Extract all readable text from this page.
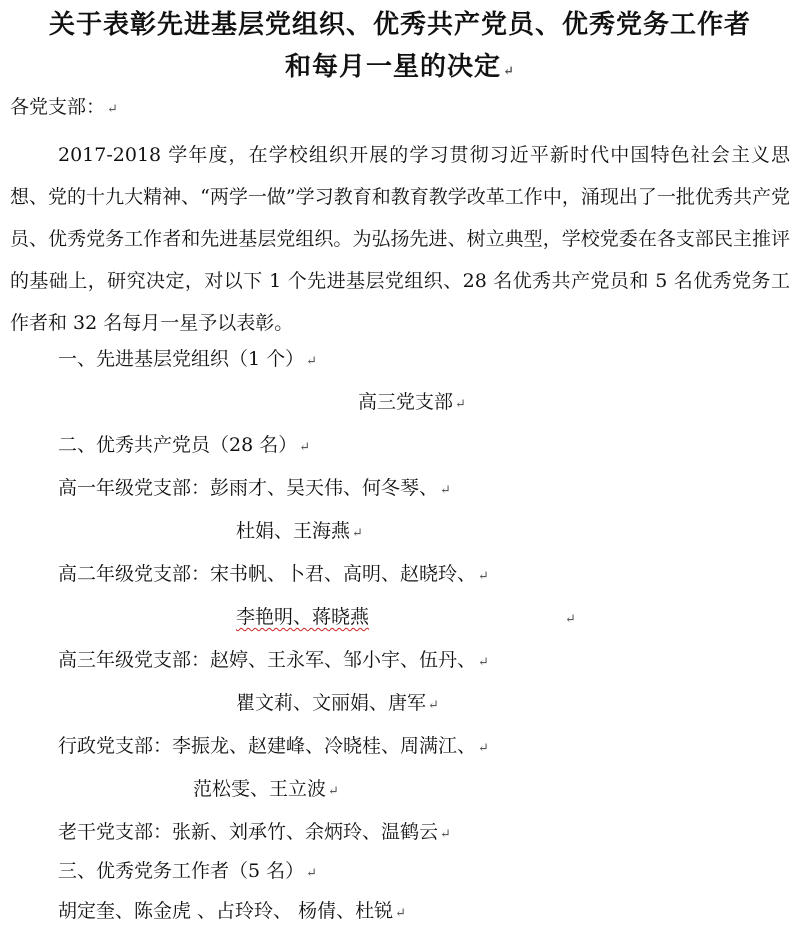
关于表彰先进基层党组织、优秀共产党员、优秀党务工作者
和每月一星的决定 ↵
各党支部： ↵
2017-2018 学年度，在学校组织开展的学习贯彻习近平新时代中国特色社会主义思想、党的十九大精神、“两学一做”学习教育和教育教学改革工作中，涌现出了一批优秀共产党员、优秀党务工作者和先进基层党组织。为弘扬先进、树立典型，学校党委在各支部民主推评的基础上，研究决定，对以下 1 个先进基层党组织、28 名优秀共产党员和 5 名优秀党务工作者和 32 名每月一星予以表彰。
一、先进基层党组织（1 个） ↵
高三党支部 ↵
二、优秀共产党员（28 名） ↵
高一年级党支部：彭雨才、吴天伟、何冬琴、 ↵
杜娟、王海燕 ↵
高二年级党支部：宋书帆、卜君、高明、赵晓玲、 ↵
李艳明、蒋晓燕	↵
高三年级党支部：赵婷、王永军、邹小宇、伍丹、 ↵
瞿文莉、文丽娟、唐军 ↵
行政党支部：李振龙、赵建峰、冷晓桂、周满江、 ↵
范松雯、王立波 ↵
老干党支部：张新、刘承竹、余炳玲、温鹤云 ↵
三、优秀党务工作者（5 名） ↵
胡定奎、陈金虎 、占玲玲、 杨倩、杜锐 ↵
